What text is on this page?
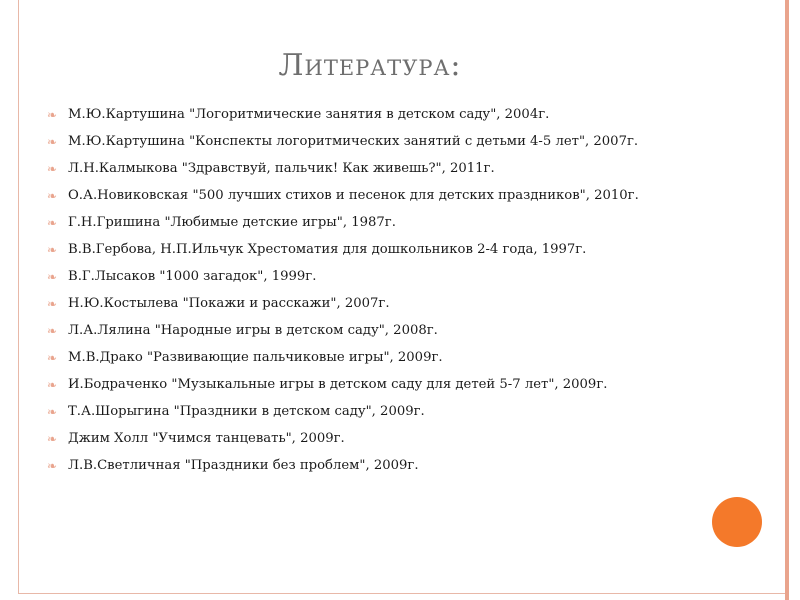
Литература:
❧ М.Ю.Картушина "Логоритмические занятия в детском саду", 2004г.
❧ М.Ю.Картушина "Конспекты логоритмических занятий с детьми 4-5 лет", 2007г.
❧ Л.Н.Калмыкова "Здравствуй, пальчик! Как живешь?", 2011г.
❧ О.А.Новиковская "500 лучших стихов и песенок для детских праздников", 2010г.
❧ Г.Н.Гришина "Любимые детские игры", 1987г.
❧ В.В.Гербова, Н.П.Ильчук Хрестоматия для дошкольников 2-4 года, 1997г.
❧ В.Г.Лысаков "1000 загадок", 1999г.
❧ Н.Ю.Костылева "Покажи и расскажи", 2007г.
❧ Л.А.Лялина "Народные игры в детском саду", 2008г.
❧ М.В.Драко "Развивающие пальчиковые игры", 2009г.
❧ И.Бодраченко "Музыкальные игры в детском саду для детей 5-7 лет", 2009г.
❧ Т.А.Шорыгина "Праздники в детском саду", 2009г.
❧ Джим Холл "Учимся танцевать", 2009г.
❧ Л.В.Светличная "Праздники без проблем", 2009г.
